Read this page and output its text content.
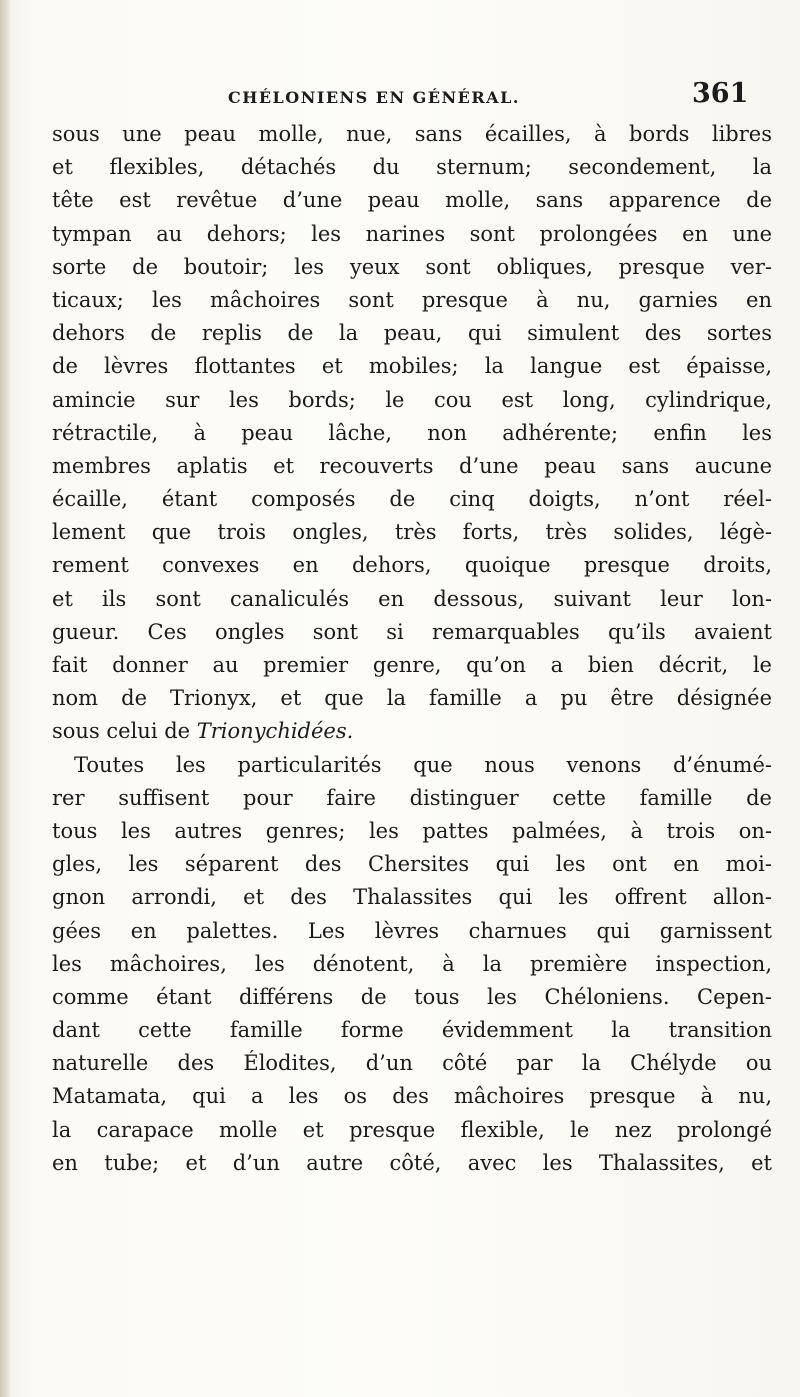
CHÉLONIENS EN GÉNÉRAL.	361
sous une peau molle, nue, sans écailles, à bords libres
et flexibles, détachés du sternum; secondement, la
tête est revêtue d’une peau molle, sans apparence de
tympan au dehors; les narines sont prolongées en une
sorte de boutoir; les yeux sont obliques, presque ver-
ticaux; les mâchoires sont presque à nu, garnies en
dehors de replis de la peau, qui simulent des sortes
de lèvres flottantes et mobiles; la langue est épaisse,
amincie sur les bords; le cou est long, cylindrique,
rétractile, à peau lâche, non adhérente; enfin les
membres aplatis et recouverts d’une peau sans aucune
écaille, étant composés de cinq doigts, n’ont réel-
lement que trois ongles, très forts, très solides, légè-
rement convexes en dehors, quoique presque droits,
et ils sont canaliculés en dessous, suivant leur lon-
gueur. Ces ongles sont si remarquables qu’ils avaient
fait donner au premier genre, qu’on a bien décrit, le
nom de Trionyx, et que la famille a pu être désignée
sous celui de Trionychidées.
Toutes les particularités que nous venons d’énumé-
rer suffisent pour faire distinguer cette famille de
tous les autres genres; les pattes palmées, à trois on-
gles, les séparent des Chersites qui les ont en moi-
gnon arrondi, et des Thalassites qui les offrent allon-
gées en palettes. Les lèvres charnues qui garnissent
les mâchoires, les dénotent, à la première inspection,
comme étant différens de tous les Chéloniens. Cepen-
dant cette famille forme évidemment la transition
naturelle des Élodites, d’un côté par la Chélyde ou
Matamata, qui a les os des mâchoires presque à nu,
la carapace molle et presque flexible, le nez prolongé
en tube; et d’un autre côté, avec les Thalassites, et
